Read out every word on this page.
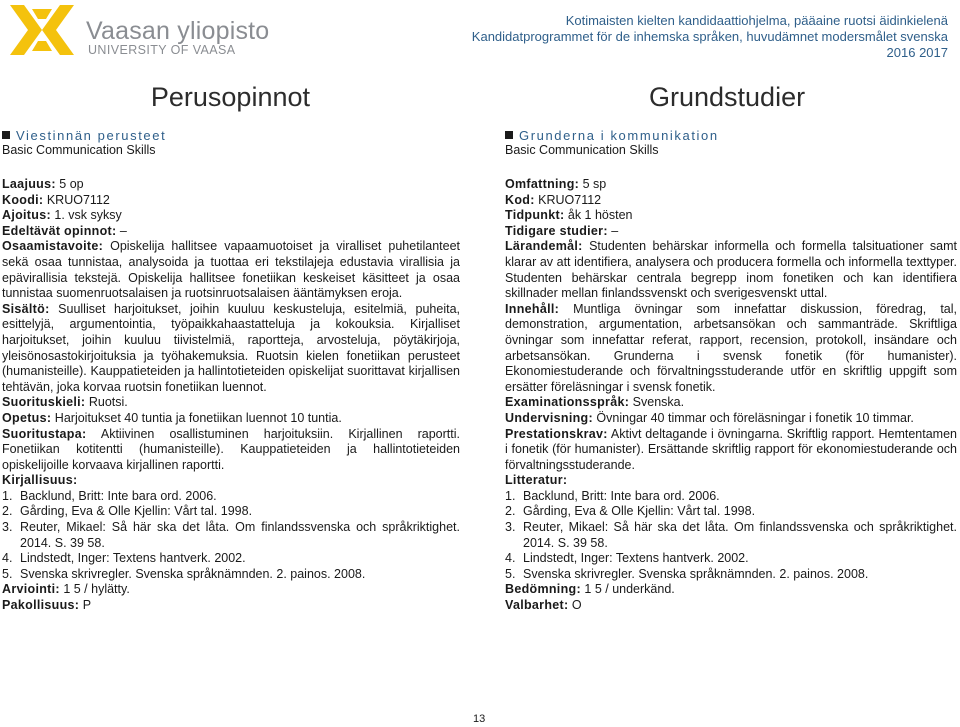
Vaasan yliopisto
UNIVERSITY OF VAASA
Kotimaisten kielten kandidaattiohjelma, pääaine ruotsi äidinkielenä
Kandidatprogrammet för de inhemska språken, huvudämnet modersmålet svenska
2016 2017
Perusopinnot
Viestinnän perusteet
Basic Communication Skills

Laajuus: 5 op

Koodi: KRUO7112

Ajoitus: 1. vsk syksy

Edeltävät opinnot: –

Osaamistavoite: Opiskelija hallitsee vapaamuotoiset ja viralliset puhetilanteet sekä osaa tunnistaa, analysoida ja tuottaa eri tekstilajeja edustavia virallisia ja epävirallisia tekstejä. Opiskelija hallitsee fonetiikan keskeiset käsitteet ja osaa tunnistaa suomenruotsalaisen ja ruotsinruotsalaisen ääntämyksen eroja.

Sisältö: Suulliset harjoitukset, joihin kuuluu keskusteluja, esitelmiä, puheita, esittelyjä, argumentointia, työpaikkahaastatteluja ja kokouksia. Kirjalliset harjoitukset, joihin kuuluu tiivistelmiä, raportteja, arvosteluja, pöytäkirjoja, yleisönosastokirjoituksia ja työhakemuksia. Ruotsin kielen fonetiikan perusteet (humanisteille). Kauppatieteiden ja hallintotieteiden opiskelijat suorittavat kirjallisen tehtävän, joka korvaa ruotsin fonetiikan luennot.

Suorituskieli: Ruotsi.

Opetus: Harjoitukset 40 tuntia ja fonetiikan luennot 10 tuntia.

Suoritustapa: Aktiivinen osallistuminen harjoituksiin. Kirjallinen raportti. Fonetiikan kotitentti (humanisteille). Kauppatieteiden ja hallintotieteiden opiskelijoille korvaava kirjallinen raportti.

Kirjallisuus:

1. Backlund, Britt: Inte bara ord. 2006.
2. Gårding, Eva & Olle Kjellin: Vårt tal. 1998.
3. Reuter, Mikael: Så här ska det låta. Om finlandssvenska och språkriktighet. 2014. S. 39 58.
4. Lindstedt, Inger: Textens hantverk. 2002.
5. Svenska skrivregler. Svenska språknämnden. 2. painos. 2008.

Arviointi: 1 5 / hylätty.

Pakollisuus: P

Grundstudier
Grunderna i kommunikation
Basic Communication Skills

Omfattning: 5 sp

Kod: KRUO7112

Tidpunkt: åk 1 hösten

Tidigare studier: –

Lärandemål: Studenten behärskar informella och formella talsituationer samt klarar av att identifiera, analysera och producera formella och informella texttyper. Studenten behärskar centrala begrepp inom fonetiken och kan identifiera skillnader mellan finlandssvenskt och sverigesvenskt uttal.

Innehåll: Muntliga övningar som innefattar diskussion, föredrag, tal, demonstration, argumentation, arbetsansökan och sammanträde. Skriftliga övningar som innefattar referat, rapport, recension, protokoll, insändare och arbetsansökan. Grunderna i svensk fonetik (för humanister). Ekonomiestuderande och förvaltningsstuderande utför en skriftlig uppgift som ersätter föreläsningar i svensk fonetik.

Examinationsspråk: Svenska.

Undervisning: Övningar 40 timmar och föreläsningar i fonetik 10 timmar.

Prestationskrav: Aktivt deltagande i övningarna. Skriftlig rapport. Hemtentamen i fonetik (för humanister). Ersättande skriftlig rapport för ekonomiestuderande och förvaltningsstuderande.

Litteratur:

1. Backlund, Britt: Inte bara ord. 2006.
2. Gårding, Eva & Olle Kjellin: Vårt tal. 1998.
3. Reuter, Mikael: Så här ska det låta. Om finlandssvenska och språkriktighet. 2014. S. 39 58.
4. Lindstedt, Inger: Textens hantverk. 2002.
5. Svenska skrivregler. Svenska språknämnden. 2. painos. 2008.

Bedömning: 1 5 / underkänd.

Valbarhet: O

13
